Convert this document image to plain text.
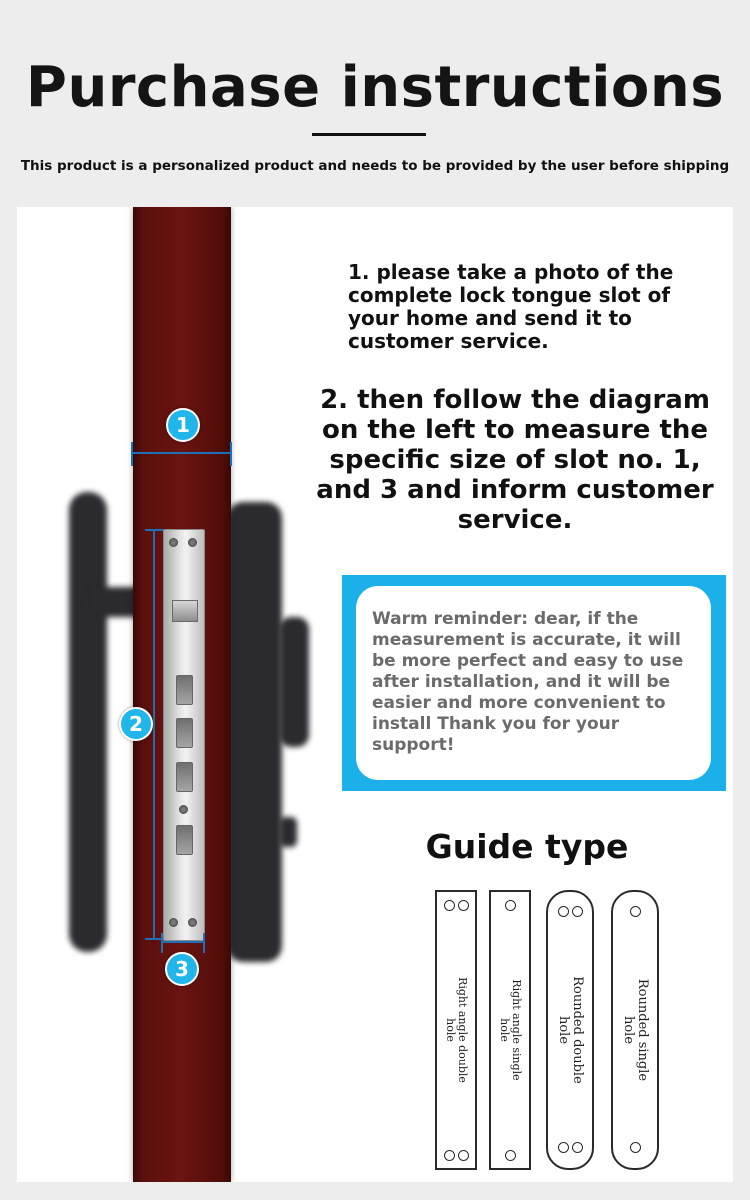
Purchase instructions
This product is a personalized product and needs to be provided by the user before shipping
1
2
3
1. please take a photo of the complete lock tongue slot of your home and send it to customer service.
2. then follow the diagram on the left to measure the specific size of slot no. 1, and 3 and inform customer service.
Warm reminder: dear, if the measurement is accurate, it will be more perfect and easy to use after installation, and it will be easier and more convenient to install Thank you for your support!
Guide type
Right angle double hole	Right angle single hole	Rounded double hole	Rounded single hole
